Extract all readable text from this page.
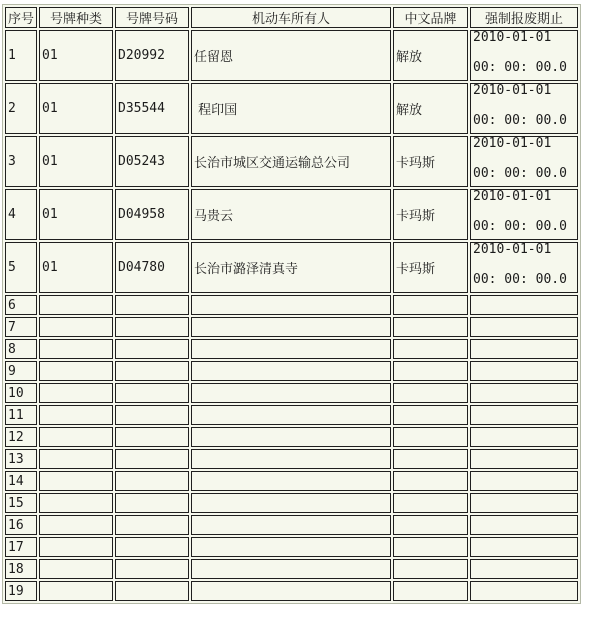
序号	号牌种类	号牌号码	机动车所有人	中文品牌	强制报废期止
1	01	D20992	任留恩	解放	2010-01-01
00: 00: 00.0

2	01	D35544	程印国	解放	2010-01-01
00: 00: 00.0

3	01	D05243	长治市城区交通运输总公司	卡玛斯	2010-01-01
00: 00: 00.0

4	01	D04958	马贵云	卡玛斯	2010-01-01
00: 00: 00.0

5	01	D04780	长治市潞泽清真寺	卡玛斯	2010-01-01
00: 00: 00.0

6					
7					
8					
9					
10					
11					
12					
13					
14					
15					
16					
17					
18					
19					
